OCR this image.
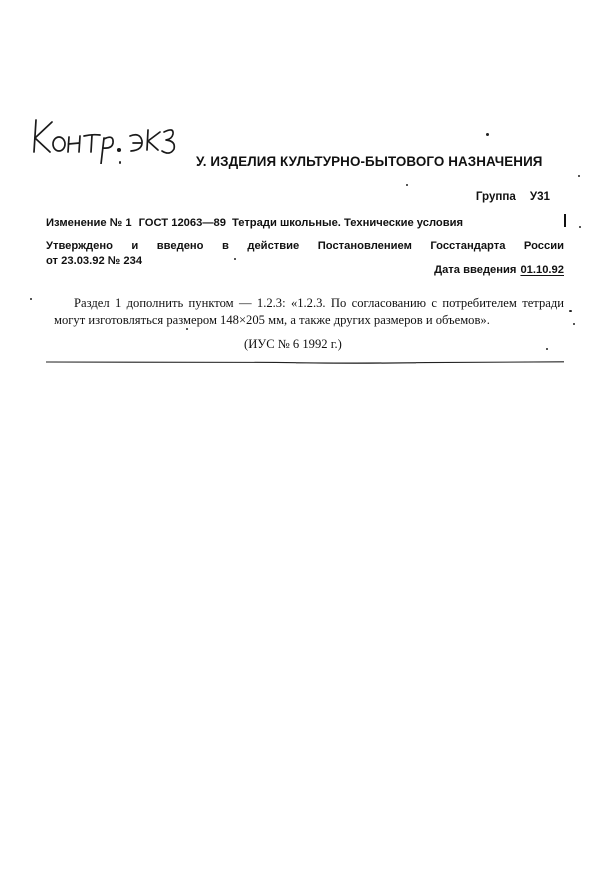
У. ИЗДЕЛИЯ КУЛЬТУРНО-БЫТОВОГО НАЗНАЧЕНИЯ
Группа У31
Изменение № 1 ГОСТ 12063—89 Тетради школьные. Технические условия
Утверждено и введено в действие Постановлением Госстандарта России
от 23.03.92 № 234
Дата введения 01.10.92

Раздел 1 дополнить пунктом — 1.2.3: «1.2.3. По согласованию с потребителем тетради могут изготовляться размером 148×205 мм, а также других размеров и объемов».

(ИУС № 6 1992 г.)
